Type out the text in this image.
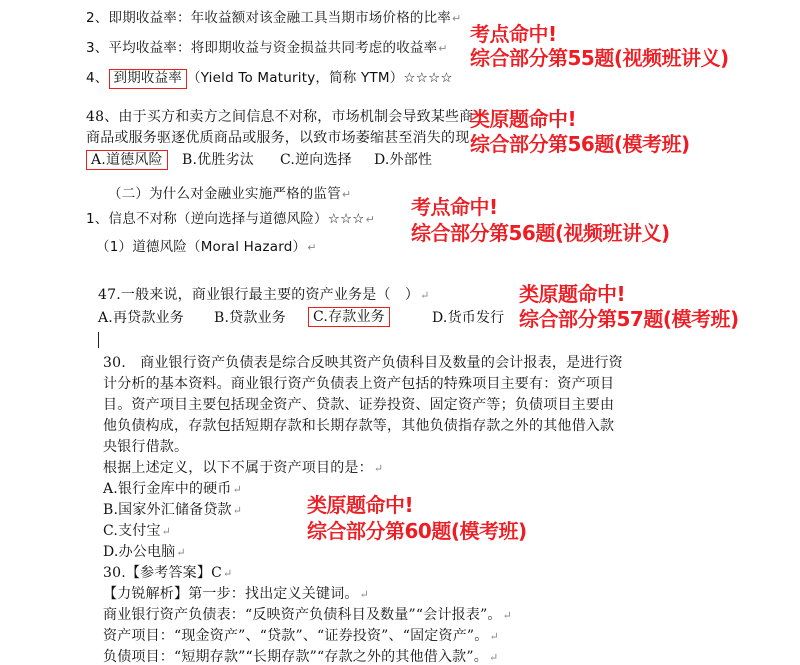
2、即期收益率：年收益额对该金融工具当期市场价格的比率↵
3、平均收益率：将即期收益与资金损益共同考虑的收益率↵
4、 到期收益率 （Yield To Maturity，简称 YTM）☆☆☆☆
48、由于买方和卖方之间信息不对称，市场机制会导致某些商
商品或服务驱逐优质商品或服务，以致市场萎缩甚至消失的现
A.道德风险	B.优胜劣汰 C.逆向选择 D.外部性
（二）为什么对金融业实施严格的监管↵
1、信息不对称（逆向选择与道德风险）☆☆☆↵
（1）道德风险（Moral Hazard）↵
47.一般来说，商业银行最主要的资产业务是（　）↵
A.再贷款业务 B.贷款业务	C.存款业务	D.货币发行
30.　商业银行资产负债表是综合反映其资产负债科目及数量的会计报表，是进行资
计分析的基本资料。商业银行资产负债表上资产包括的特殊项目主要有：资产项目
目。资产项目主要包括现金资产、贷款、证券投资、固定资产等；负债项目主要由
他负债构成，存款包括短期存款和长期存款等，其他负债指存款之外的其他借入款
央银行借款。
根据上述定义，以下不属于资产项目的是：↵
A.银行金库中的硬币↵
B.国家外汇储备贷款↵
C.支付宝↵
D.办公电脑↵
30.【参考答案】C↵
【力锐解析】第一步：找出定义关键词。↵
商业银行资产负债表：“反映资产负债科目及数量”“会计报表”。↵
资产项目：“现金资产”、“贷款”、“证券投资”、“固定资产”。↵
负债项目：“短期存款”“长期存款”“存款之外的其他借入款”。↵
考点命中!
综合部分第55题(视频班讲义)
类原题命中!
综合部分第56题(模考班)
考点命中!
综合部分第56题(视频班讲义)
类原题命中!
综合部分第57题(模考班)
类原题命中!
综合部分第60题(模考班)
